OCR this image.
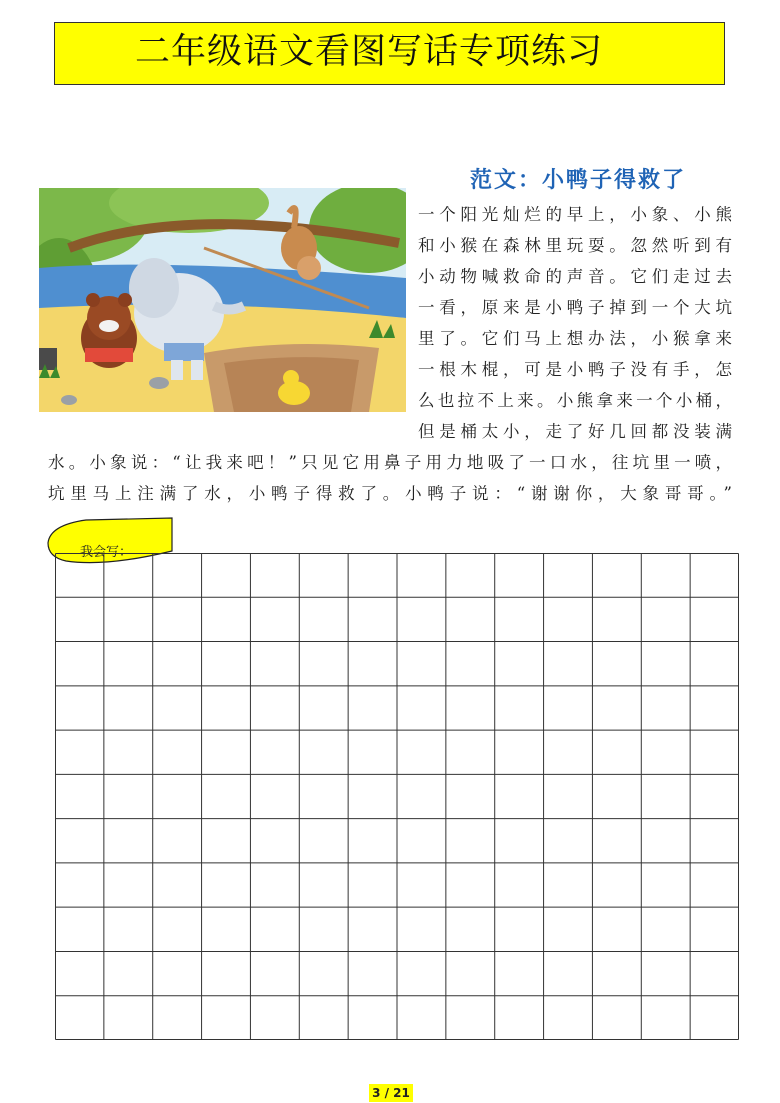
二年级语文看图写话专项练习
范文：小鸭子得救了
一个阳光灿烂的早上，小象、小熊
和小猴在森林里玩耍。忽然听到有
小动物喊救命的声音。它们走过去
一看，原来是小鸭子掉到一个大坑
里了。它们马上想办法，小猴拿来
一根木棍，可是小鸭子没有手，怎
么也拉不上来。小熊拿来一个小桶，
但是桶太小，走了好几回都没装满
水。小象说：“让我来吧！”只见它用鼻子用力地吸了一口水，往坑里一喷，
坑里马上注满了水，小鸭子得救了。小鸭子说：“谢谢你，大象哥哥。”
我会写：
3 / 21
